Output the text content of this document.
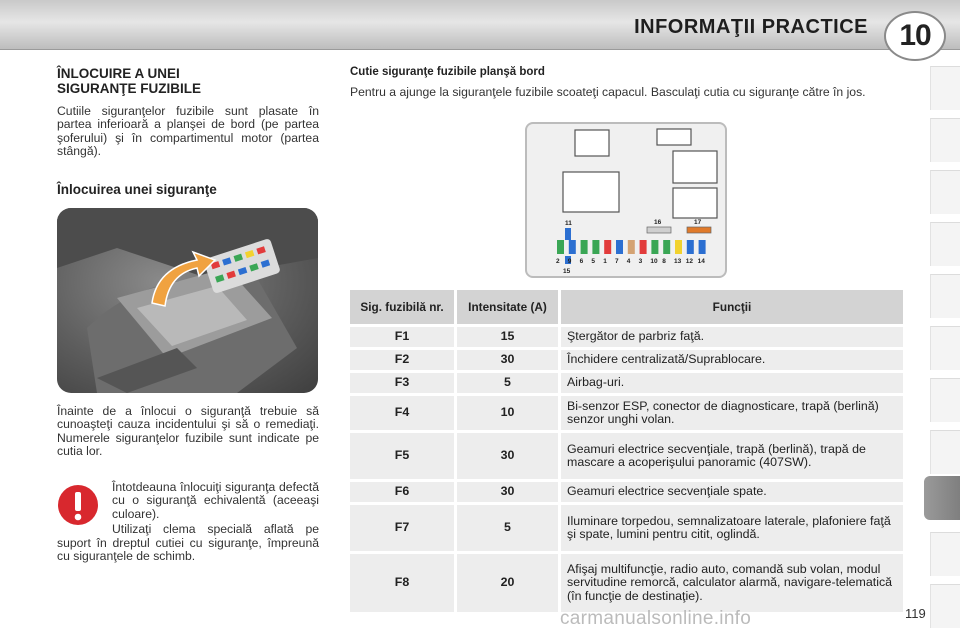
INFORMAŢII PRACTICE 10
ÎNLOCUIRE A UNEI
SIGURANŢE FUZIBILE

Cutiile siguranţelor fuzibile sunt plasate în partea inferioară a planşei de bord (pe partea şoferului) şi în compartimentul motor (partea stângă).

Înlocuirea unei siguranţe

Înainte de a înlocui o siguranţă trebuie să cunoaşteţi cauza incidentului şi să o remediaţi. Numerele siguranţelor fuzibile sunt indicate pe cutia lor.

Întotdeauna înlocuiţi siguranţa defectă cu o siguranţă echivalentă (aceeaşi culoare).

Utilizaţi clema specială aflată pe suport în dreptul cutiei cu siguranţe, împreună cu siguranţele de schimb.

Cutie siguranţe fuzibile planşă bord

Pentru a ajunge la siguranţele fuzibile scoateţi capacul. Basculaţi cutia cu siguranţe către în jos.

11	16	17
2 9 6 5 1 7 4 3 10 8 13 12 14
15
Sig. fuzibilă nr.	Intensitate (A)	Funcţii
F1	15	Ştergător de parbriz faţă.
F2	30	Închidere centralizată/Suprablocare.
F3	5	Airbag-uri.
F4	10	Bi-senzor ESP, conector de diagnosticare, trapă (berlină) senzor unghi volan.
F5	30	Geamuri electrice secvenţiale, trapă (berlină), trapă de mascare a acoperişului panoramic (407SW).
F6	30	Geamuri electrice secvenţiale spate.
F7	5	Iluminare torpedou, semnalizatoare laterale, plafoniere faţă şi spate, lumini pentru citit, oglindă.
F8	20	Afişaj multifuncţie, radio auto, comandă sub volan, modul servitudine remorcă, calculator alarmă, navigare-telematică (în funcţie de destinaţie).
carmanualsonline.info	119
